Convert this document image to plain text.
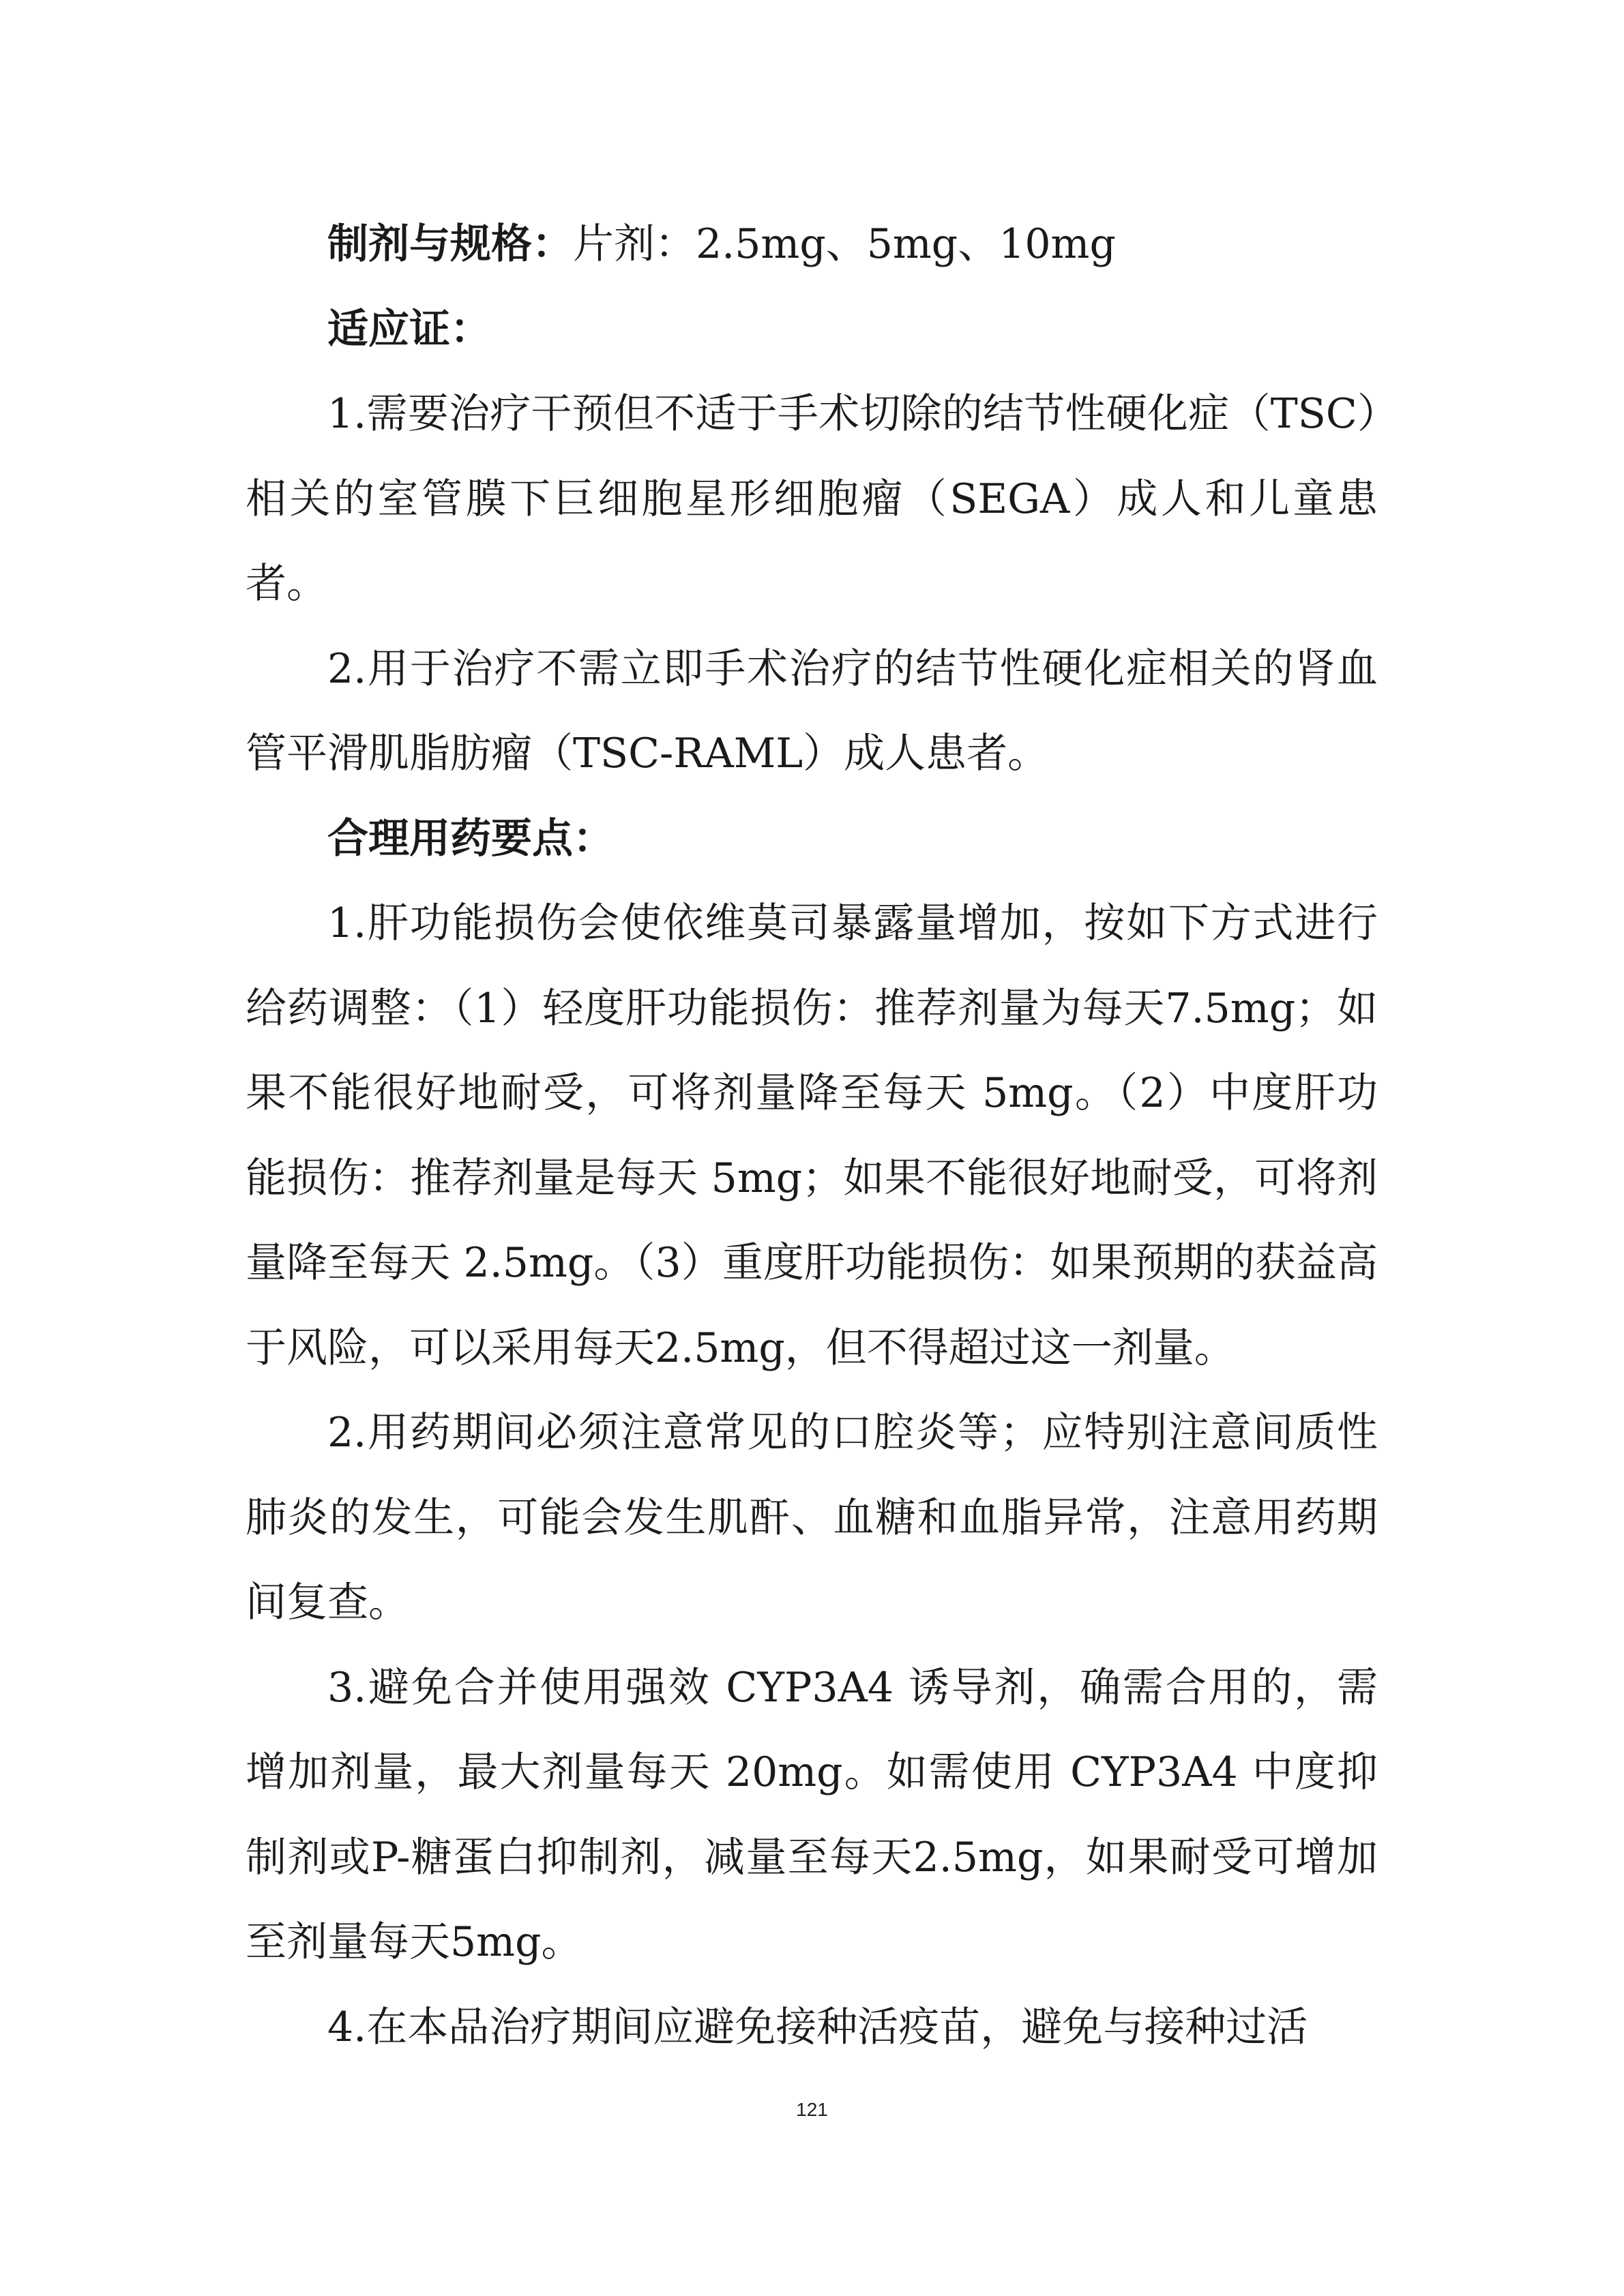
制剂与规格：片剂：2.5mg、5mg、10mg

适应证：

1.需要治疗干预但不适于手术切除的结节性硬化症（TSC）相关的室管膜下巨细胞星形细胞瘤（SEGA）成人和儿童患者。

2.用于治疗不需立即手术治疗的结节性硬化症相关的肾血管平滑肌脂肪瘤（TSC-RAML）成人患者。

合理用药要点：

1.肝功能损伤会使依维莫司暴露量增加，按如下方式进行给药调整：（1）轻度肝功能损伤：推荐剂量为每天7.5mg；如果不能很好地耐受，可将剂量降至每天 5mg。（2）中度肝功能损伤：推荐剂量是每天 5mg；如果不能很好地耐受，可将剂量降至每天 2.5mg。（3）重度肝功能损伤：如果预期的获益高于风险，可以采用每天2.5mg，但不得超过这一剂量。

2.用药期间必须注意常见的口腔炎等；应特别注意间质性肺炎的发生，可能会发生肌酐、血糖和血脂异常，注意用药期间复查。

3.避免合并使用强效 CYP3A4 诱导剂，确需合用的，需增加剂量，最大剂量每天 20mg。如需使用 CYP3A4 中度抑制剂或P-糖蛋白抑制剂，减量至每天2.5mg，如果耐受可增加至剂量每天5mg。

4.在本品治疗期间应避免接种活疫苗，避免与接种过活

121
